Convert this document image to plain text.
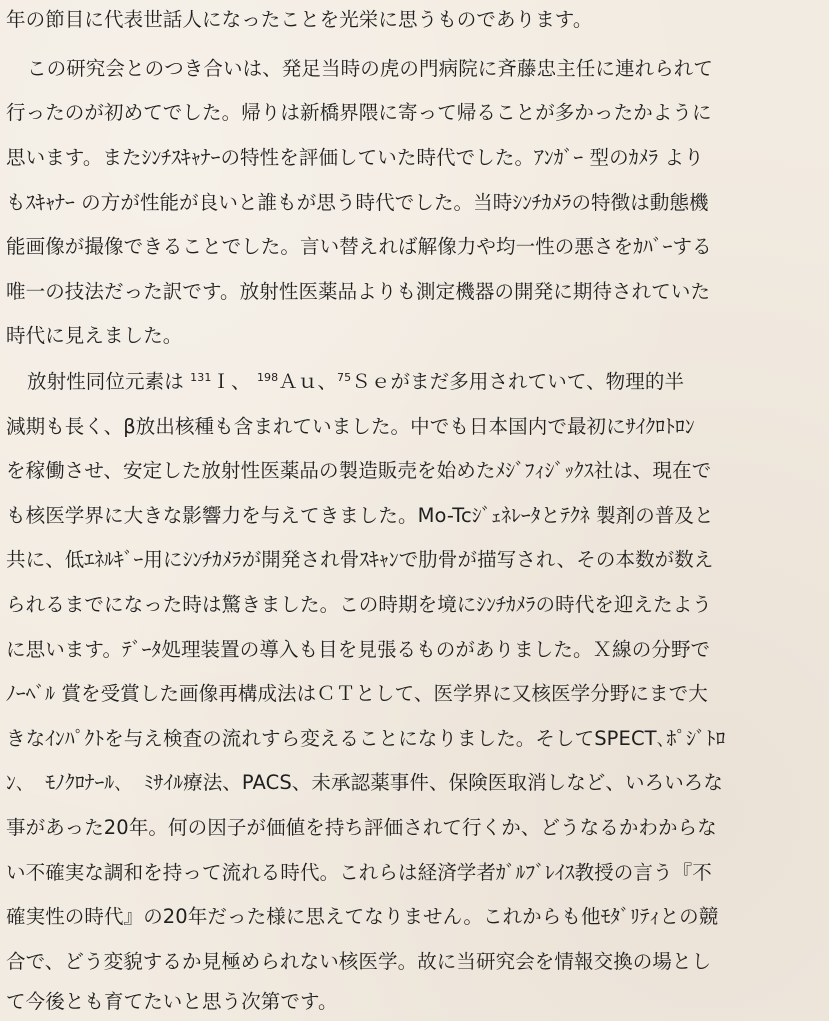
年の節目に代表世話人になったことを光栄に思うものであります。
この研究会とのつき合いは、発足当時の虎の門病院に斉藤忠主任に連れられて
行ったのが初めてでした。帰りは新橋界隈に寄って帰ることが多かったかように
思います。またｼﾝﾁｽｷｬﾅｰの特性を評価していた時代でした。ｱﾝｶﾞｰ 型のｶﾒﾗ より
もｽｷｬﾅｰ の方が性能が良いと誰もが思う時代でした。当時ｼﾝﾁｶﾒﾗの特徴は動態機
能画像が撮像できることでした。言い替えれば解像力や均一性の悪さをｶﾊﾞｰする
唯一の技法だった訳です。放射性医薬品よりも測定機器の開発に期待されていた
時代に見えました。
放射性同位元素は $^{131}$Ｉ、 $^{198}$Ａｕ、$^{75}$Ｓｅがまだ多用されていて、物理的半
減期も長く、β放出核種も含まれていました。中でも日本国内で最初にｻｲｸﾛﾄﾛﾝ
を稼働させ、安定した放射性医薬品の製造販売を始めたﾒｼﾞﾌｨｼﾞｯｸｽ社は、現在で
も核医学界に大きな影響力を与えてきました。Mo-Tcｼﾞｪﾈﾚｰﾀとﾃｸﾈ 製剤の普及と
共に、低ｴﾈﾙｷﾞｰ用にｼﾝﾁｶﾒﾗが開発され骨ｽｷｬﾝで肋骨が描写され、その本数が数え
られるまでになった時は驚きました。この時期を境にｼﾝﾁｶﾒﾗの時代を迎えたよう
に思います。ﾃﾞｰﾀ処理装置の導入も目を見張るものがありました。Ｘ線の分野で
ﾉｰﾍﾞﾙ 賞を受賞した画像再構成法はＣＴとして、医学界に又核医学分野にまで大
きなｲﾝﾊﾟｸﾄを与え検査の流れすら変えることになりました。そしてSPECT､ﾎﾟｼﾞﾄﾛ
ﾝ､　ﾓﾉｸﾛﾅｰﾙ､　ﾐｻｲﾙ療法、PACS、未承認薬事件、保険医取消しなど、いろいろな
事があった20年。何の因子が価値を持ち評価されて行くか、どうなるかわからな
い不確実な調和を持って流れる時代。これらは経済学者ｶﾞﾙﾌﾞﾚｲｽ教授の言う『不
確実性の時代』の20年だった様に思えてなりません。これからも他ﾓﾀﾞﾘﾃｨとの競
合で、どう変貌するか見極められない核医学。故に当研究会を情報交換の場とし
て今後とも育てたいと思う次第です。
